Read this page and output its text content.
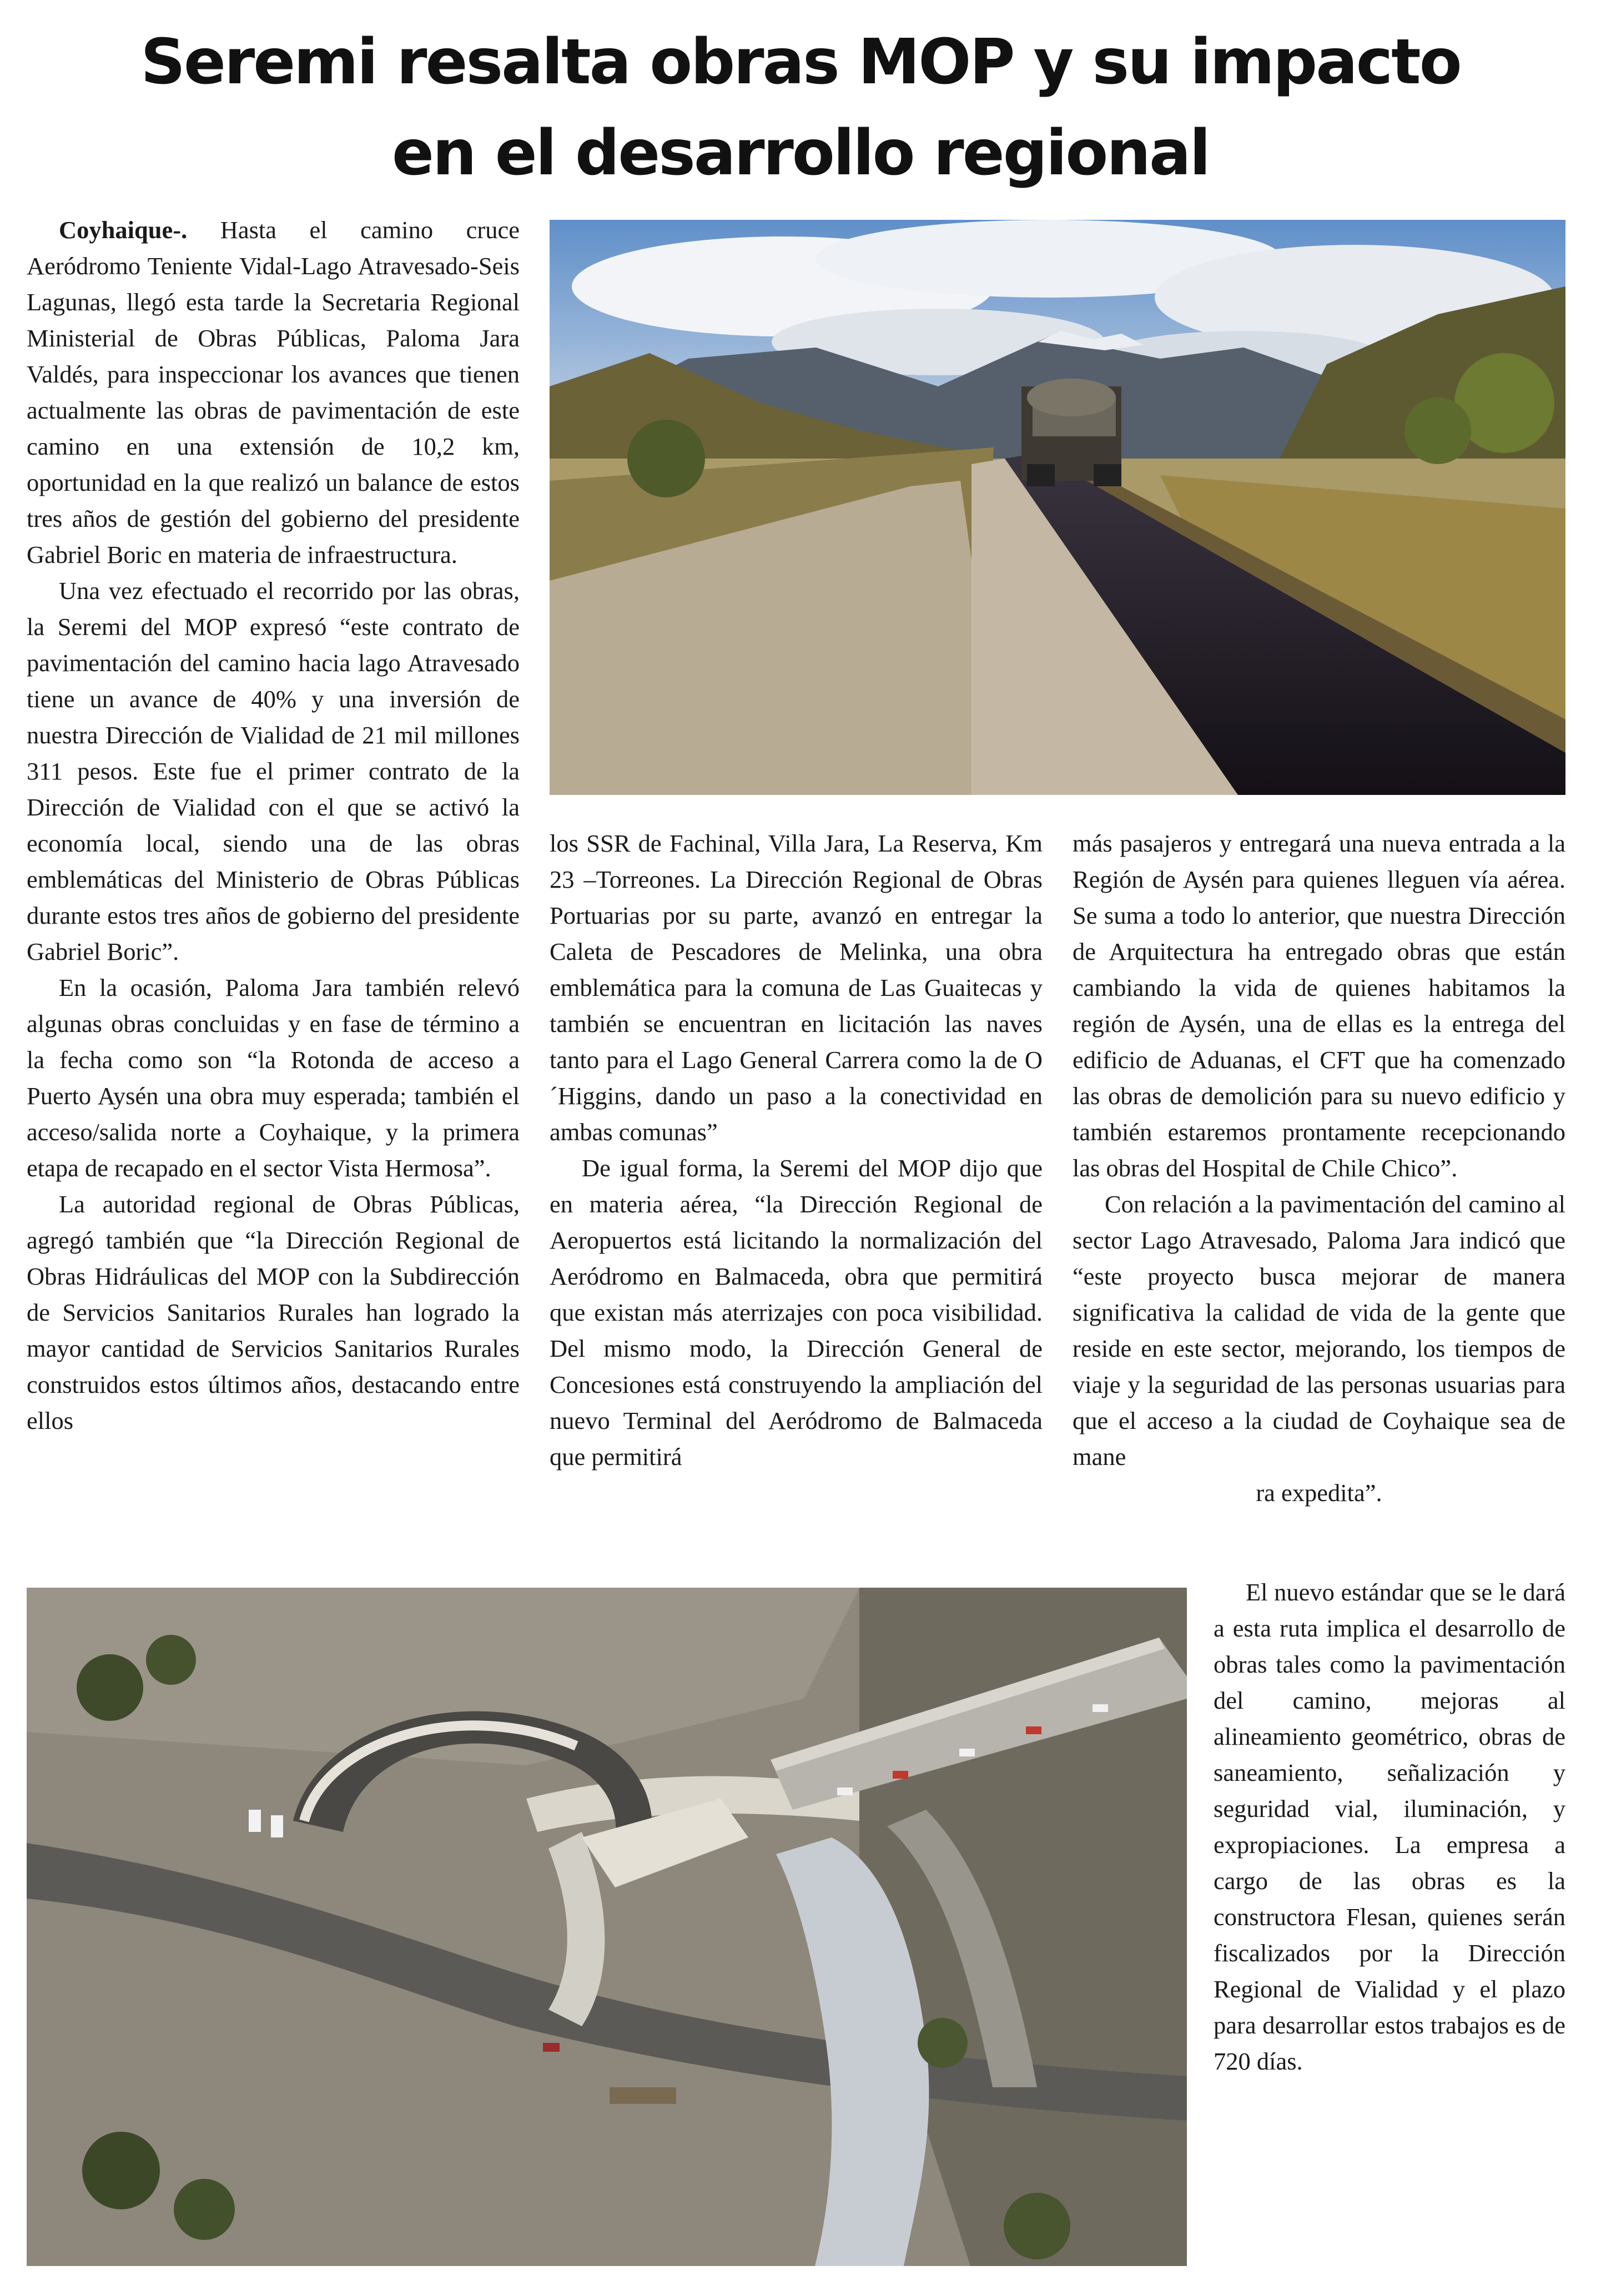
Seremi resalta obras MOP y su impacto
en el desarrollo regional

Coyhaique-. Hasta el camino cruce Aeródromo Teniente Vidal-Lago Atravesado-Seis Lagunas, llegó esta tarde la Secretaria Regional Ministerial de Obras Públicas, Paloma Jara Valdés, para inspeccionar los avances que tienen actualmente las obras de pavimentación de este camino en una extensión de 10,2 km, oportunidad en la que realizó un balance de estos tres años de gestión del gobierno del presidente Gabriel Boric en materia de infraestructura.

Una vez efectuado el recorrido por las obras, la Seremi del MOP expresó “este contrato de pavimentación del camino hacia lago Atravesado tiene un avance de 40% y una inversión de nuestra Dirección de Vialidad de 21 mil millones 311 pesos. Este fue el primer contrato de la Dirección de Vialidad con el que se activó la economía local, siendo una de las obras emblemáticas del Ministerio de Obras Públicas durante estos tres años de gobierno del presidente Gabriel Boric”.

En la ocasión, Paloma Jara también relevó algunas obras concluidas y en fase de término a la fecha como son “la Rotonda de acceso a Puerto Aysén una obra muy esperada; también el acceso/salida norte a Coyhaique, y la primera etapa de recapado en el sector Vista Hermosa”.

La autoridad regional de Obras Públicas, agregó también que “la Dirección Regional de Obras Hidráulicas del MOP con la Subdirección de Servicios Sanitarios Rurales han logrado la mayor cantidad de Servicios Sanitarios Rurales construidos estos últimos años, destacando entre ellos

los SSR de Fachinal, Villa Jara, La Reserva, Km 23 –Torreones. La Dirección Regional de Obras Portuarias por su parte, avanzó en entregar la Caleta de Pescadores de Melinka, una obra emblemática para la comuna de Las Guaitecas y también se encuentran en licitación las naves tanto para el Lago General Carrera como la de O´Higgins, dando un paso a la conectividad en ambas comunas”

De igual forma, la Seremi del MOP dijo que en materia aérea, “la Dirección Regional de Aeropuertos está licitando la normalización del Aeródromo en Balmaceda, obra que permitirá que existan más aterrizajes con poca visibilidad. Del mismo modo, la Dirección General de Concesiones está construyendo la ampliación del nuevo Terminal del Aeródromo de Balmaceda que permitirá

más pasajeros y entregará una nueva entrada a la Región de Aysén para quienes lleguen vía aérea. Se suma a todo lo anterior, que nuestra Dirección de Arquitectura ha entregado obras que están cambiando la vida de quienes habitamos la región de Aysén, una de ellas es la entrega del edificio de Aduanas, el CFT que ha comenzado las obras de demolición para su nuevo edificio y también estaremos prontamente recepcionando las obras del Hospital de Chile Chico”.

Con relación a la pavimentación del camino al sector Lago Atravesado, Paloma Jara indicó que “este proyecto busca mejorar de manera significativa la calidad de vida de la gente que reside en este sector, mejorando, los tiempos de viaje y la seguridad de las personas usuarias para que el acceso a la ciudad de Coyhaique sea de mane

ra expedita”.

El nuevo estándar que se le dará a esta ruta implica el desarrollo de obras tales como la pavimentación del camino, mejoras al alineamiento geométrico, obras de saneamiento, señalización y seguridad vial, iluminación, y expropiaciones. La empresa a cargo de las obras es la constructora Flesan, quienes serán fiscalizados por la Dirección Regional de Vialidad y el plazo para desarrollar estos trabajos es de 720 días.
